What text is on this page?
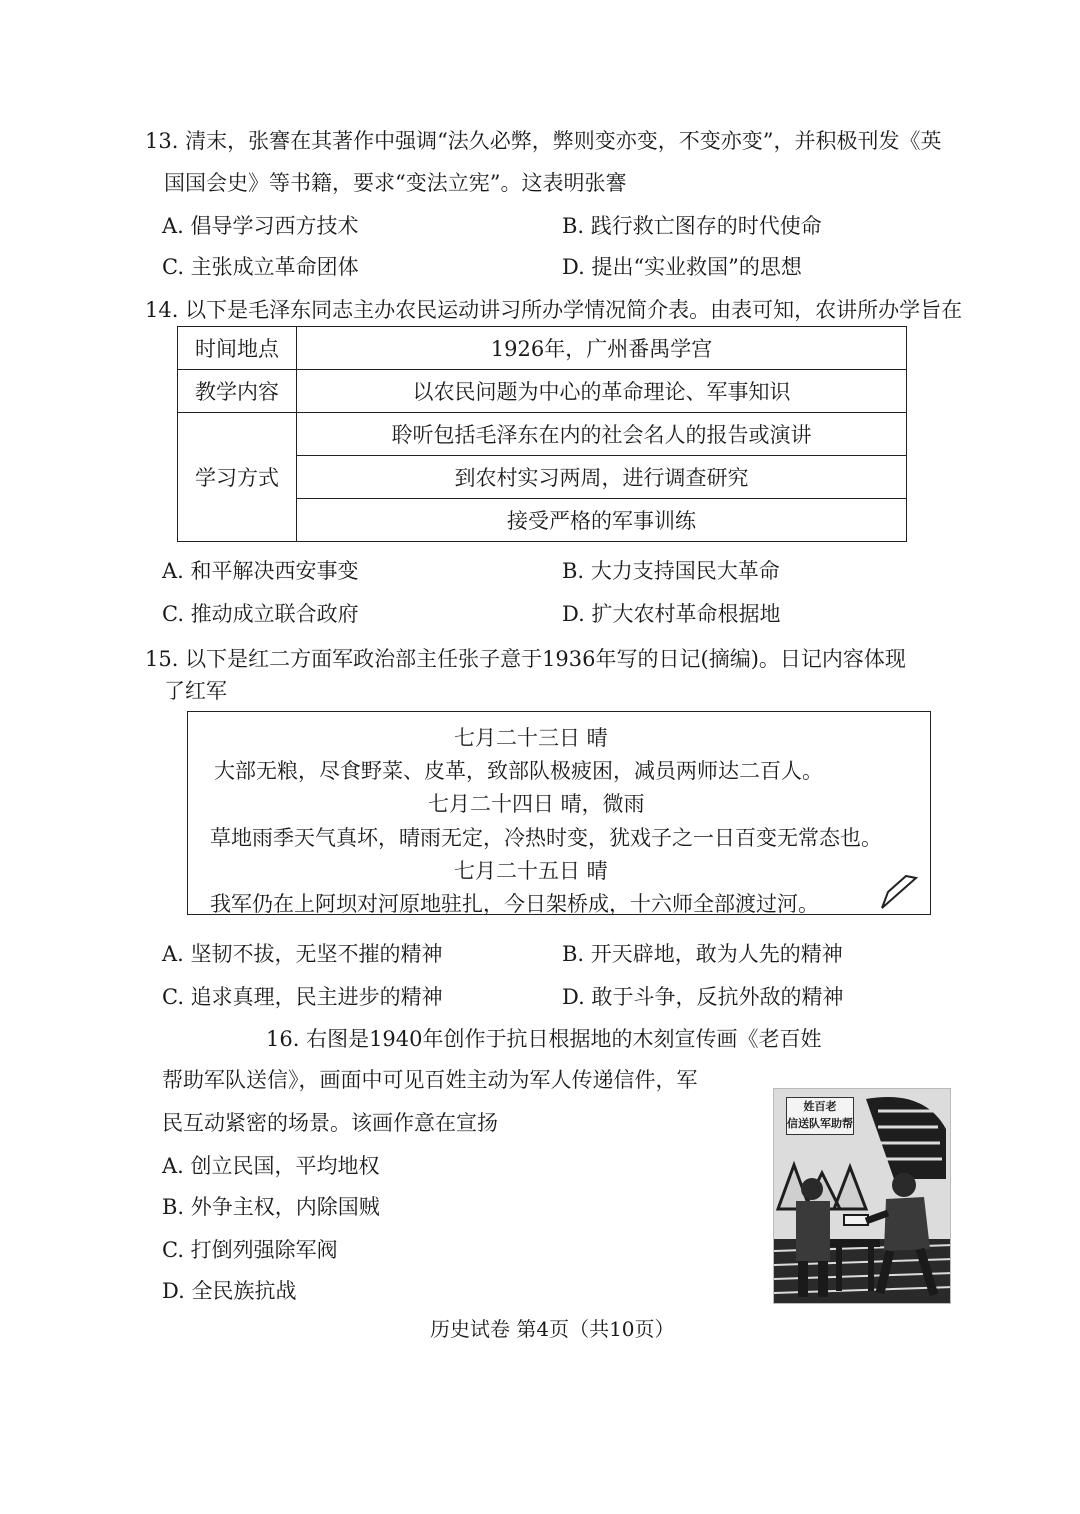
13. 清末，张謇在其著作中强调“法久必弊，弊则变亦变，不变亦变”，并积极刊发《英
国国会史》等书籍，要求“变法立宪”。这表明张謇
A. 倡导学习西方技术	B. 践行救亡图存的时代使命
C. 主张成立革命团体	D. 提出“实业救国”的思想
14. 以下是毛泽东同志主办农民运动讲习所办学情况简介表。由表可知，农讲所办学旨在
时间地点	1926年，广州番禺学宫
教学内容	以农民问题为中心的革命理论、军事知识
学习方式	聆听包括毛泽东在内的社会名人的报告或演讲
	到农村实习两周，进行调查研究
	接受严格的军事训练
A. 和平解决西安事变	B. 大力支持国民大革命
C. 推动成立联合政府	D. 扩大农村革命根据地
15. 以下是红二方面军政治部主任张子意于1936年写的日记(摘编)。日记内容体现
了红军
七月二十三日 晴
大部无粮，尽食野菜、皮革，致部队极疲困，减员两师达二百人。
七月二十四日 晴，微雨
草地雨季天气真坏，晴雨无定，冷热时变，犹戏子之一日百变无常态也。
七月二十五日 晴
我军仍在上阿坝对河原地驻扎，今日架桥成，十六师全部渡过河。
A. 坚韧不拔，无坚不摧的精神	B. 开天辟地，敢为人先的精神
C. 追求真理，民主进步的精神	D. 敢于斗争，反抗外敌的精神
16. 右图是1940年创作于抗日根据地的木刻宣传画《老百姓
帮助军队送信》，画面中可见百姓主动为军人传递信件，军
民互动紧密的场景。该画作意在宣扬
A. 创立民国，平均地权
B. 外争主权，内除国贼
C. 打倒列强除军阀
D. 全民族抗战
姓百老
信送队军助帮
历史试卷 第4页（共10页）
